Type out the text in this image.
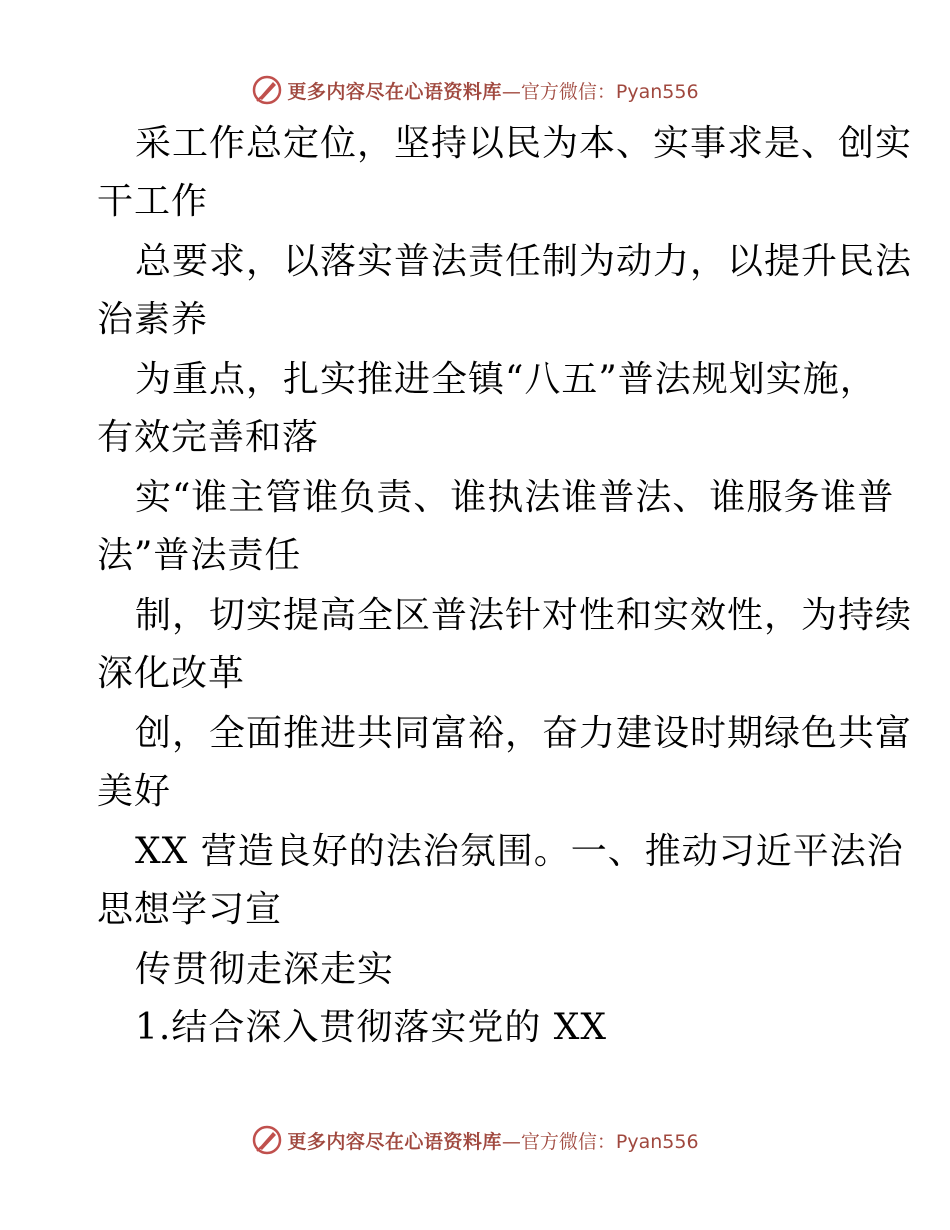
更多内容尽在心语资料库 —官方微信：Pyan556
采工作总定位，坚持以民为本、实事求是、创实
干工作
总要求，以落实普法责任制为动力，以提升民法
治素养
为重点，扎实推进全镇“八五”普法规划实施，
有效完善和落
实“谁主管谁负责、谁执法谁普法、谁服务谁普
法”普法责任
制，切实提高全区普法针对性和实效性，为持续
深化改革
创，全面推进共同富裕，奋力建设时期绿色共富
美好
XX 营造良好的法治氛围。一、推动习近平法治
思想学习宣
传贯彻走深走实
1.结合深入贯彻落实党的 XX
更多内容尽在心语资料库 —官方微信：Pyan556
